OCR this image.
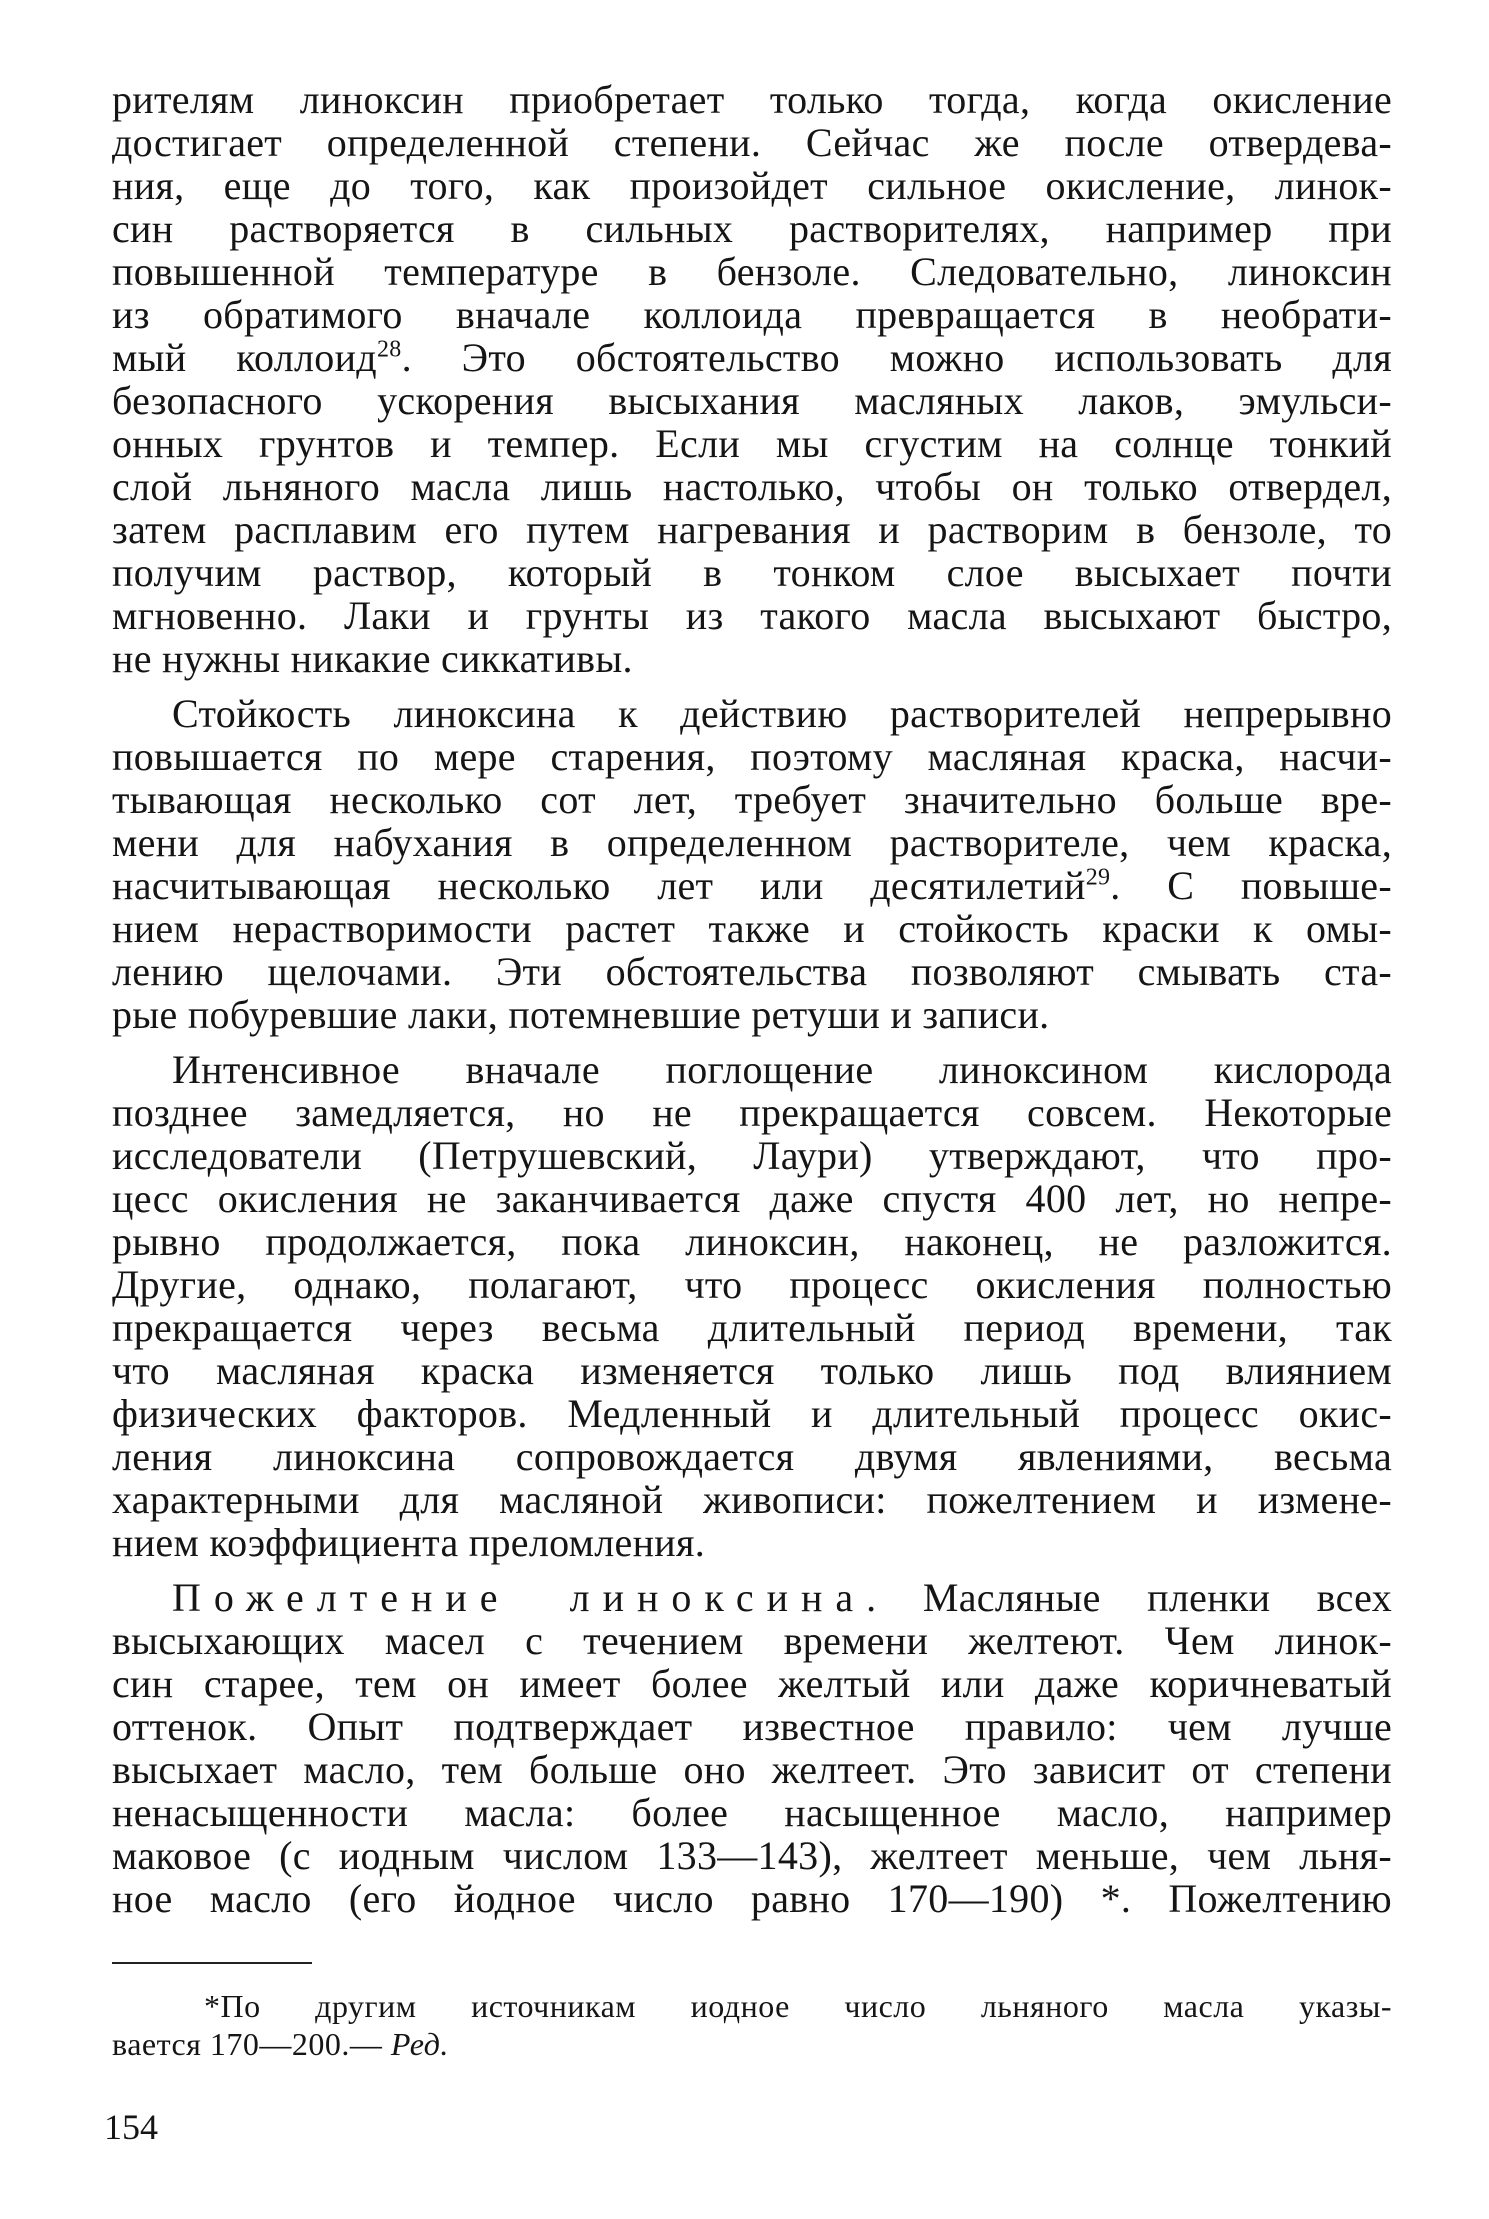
рителям линоксин приобретает только тогда, когда окисление
достигает определенной степени. Сейчас же после отвердева-
ния, еще до того, как произойдет сильное окисление, линок-
син растворяется в сильных растворителях, например при
повышенной температуре в бензоле. Следовательно, линоксин
из обратимого вначале коллоида превращается в необрати-
мый коллоид$^{28}$. Это обстоятельство можно использовать для
безопасного ускорения высыхания масляных лаков, эмульси-
онных грунтов и темпер. Если мы сгустим на солнце тонкий
слой льняного масла лишь настолько, чтобы он только отвердел,
затем расплавим его путем нагревания и растворим в бензоле, то
получим раствор, который в тонком слое высыхает почти
мгновенно. Лаки и грунты из такого масла высыхают быстро,
не нужны никакие сиккативы.

Стойкость линоксина к действию растворителей непрерывно
повышается по мере старения, поэтому масляная краска, насчи-
тывающая несколько сот лет, требует значительно больше вре-
мени для набухания в определенном растворителе, чем краска,
насчитывающая несколько лет или десятилетий$^{29}$. С повыше-
нием нерастворимости растет также и стойкость краски к омы-
лению щелочами. Эти обстоятельства позволяют смывать ста-
рые побуревшие лаки, потемневшие ретуши и записи.

Интенсивное вначале поглощение линоксином кислорода
позднее замедляется, но не прекращается совсем. Некоторые
исследователи (Петрушевский, Лаури) утверждают, что про-
цесс окисления не заканчивается даже спустя 400 лет, но непре-
рывно продолжается, пока линоксин, наконец, не разложится.
Другие, однако, полагают, что процесс окисления полностью
прекращается через весьма длительный период времени, так
что масляная краска изменяется только лишь под влиянием
физических факторов. Медленный и длительный процесс окис-
ления линоксина сопровождается двумя явлениями, весьма
характерными для масляной живописи: пожелтением и измене-
нием коэффициента преломления.

Пожелтение линоксина. Масляные пленки всех
высыхающих масел с течением времени желтеют. Чем линок-
син старее, тем он имеет более желтый или даже коричневатый
оттенок. Опыт подтверждает известное правило: чем лучше
высыхает масло, тем больше оно желтеет. Это зависит от степени
ненасыщенности масла: более насыщенное масло, например
маковое (с иодным числом 133—143), желтеет меньше, чем льня-
ное масло (его йодное число равно 170—190) *. Пожелтению

*По другим источникам иодное число льняного масла указы-
вается 170—200.— Ред.
154
